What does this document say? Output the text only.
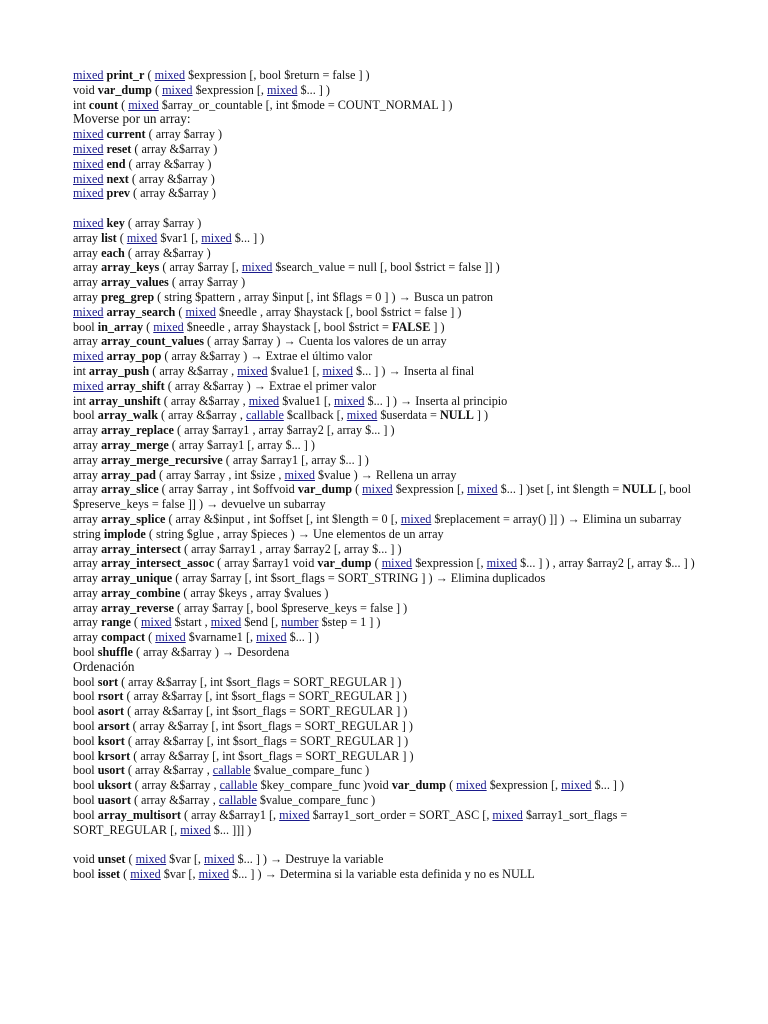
mixed print_r ( mixed $expression [, bool $return = false ] )
void var_dump ( mixed $expression [, mixed $... ] )
int count ( mixed $array_or_countable [, int $mode = COUNT_NORMAL ] )
Moverse por un array:
mixed current ( array $array )
mixed reset ( array &$array )
mixed end ( array &$array )
mixed next ( array &$array )
mixed prev ( array &$array )
mixed key ( array $array )
array list ( mixed $var1 [, mixed $... ] )
array each ( array &$array )
array array_keys ( array $array [, mixed $search_value = null [, bool $strict = false ]] )
array array_values ( array $array )
array preg_grep ( string $pattern , array $input [, int $flags = 0 ] ) → Busca un patron
mixed array_search ( mixed $needle , array $haystack [, bool $strict = false ] )
bool in_array ( mixed $needle , array $haystack [, bool $strict = FALSE ] )
array array_count_values ( array $array ) → Cuenta los valores de un array
mixed array_pop ( array &$array ) → Extrae el último valor
int array_push ( array &$array , mixed $value1 [, mixed $... ] ) → Inserta al final
mixed array_shift ( array &$array ) → Extrae el primer valor
int array_unshift ( array &$array , mixed $value1 [, mixed $... ] ) → Inserta al principio
bool array_walk ( array &$array , callable $callback [, mixed $userdata = NULL ] )
array array_replace ( array $array1 , array $array2 [, array $... ] )
array array_merge ( array $array1 [, array $... ] )
array array_merge_recursive ( array $array1 [, array $... ] )
array array_pad ( array $array , int $size , mixed $value ) → Rellena un array
array array_slice ( array $array , int $offvoid var_dump ( mixed $expression [, mixed $... ] )set [, int $length = NULL [, bool $preserve_keys = false ]] ) → devuelve un subarray
array array_splice ( array &$input , int $offset [, int $length = 0 [, mixed $replacement = array() ]] ) → Elimina un subarray
string implode ( string $glue , array $pieces ) → Une elementos de un array
array array_intersect ( array $array1 , array $array2 [, array $... ] )
array array_intersect_assoc ( array $array1 void var_dump ( mixed $expression [, mixed $... ] ) , array $array2 [, array $... ] )
array array_unique ( array $array [, int $sort_flags = SORT_STRING ] ) → Elimina duplicados
array array_combine ( array $keys , array $values )
array array_reverse ( array $array [, bool $preserve_keys = false ] )
array range ( mixed $start , mixed $end [, number $step = 1 ] )
array compact ( mixed $varname1 [, mixed $... ] )
bool shuffle ( array &$array ) → Desordena
Ordenación
bool sort ( array &$array [, int $sort_flags = SORT_REGULAR ] )
bool rsort ( array &$array [, int $sort_flags = SORT_REGULAR ] )
bool asort ( array &$array [, int $sort_flags = SORT_REGULAR ] )
bool arsort ( array &$array [, int $sort_flags = SORT_REGULAR ] )
bool ksort ( array &$array [, int $sort_flags = SORT_REGULAR ] )
bool krsort ( array &$array [, int $sort_flags = SORT_REGULAR ] )
bool usort ( array &$array , callable $value_compare_func )
bool uksort ( array &$array , callable $key_compare_func )void var_dump ( mixed $expression [, mixed $... ] )
bool uasort ( array &$array , callable $value_compare_func )
bool array_multisort ( array &$array1 [, mixed $array1_sort_order = SORT_ASC [, mixed $array1_sort_flags = SORT_REGULAR [, mixed $... ]]] )
void unset ( mixed $var [, mixed $... ] ) → Destruye la variable
bool isset ( mixed $var [, mixed $... ] ) → Determina si la variable esta definida y no es NULL
